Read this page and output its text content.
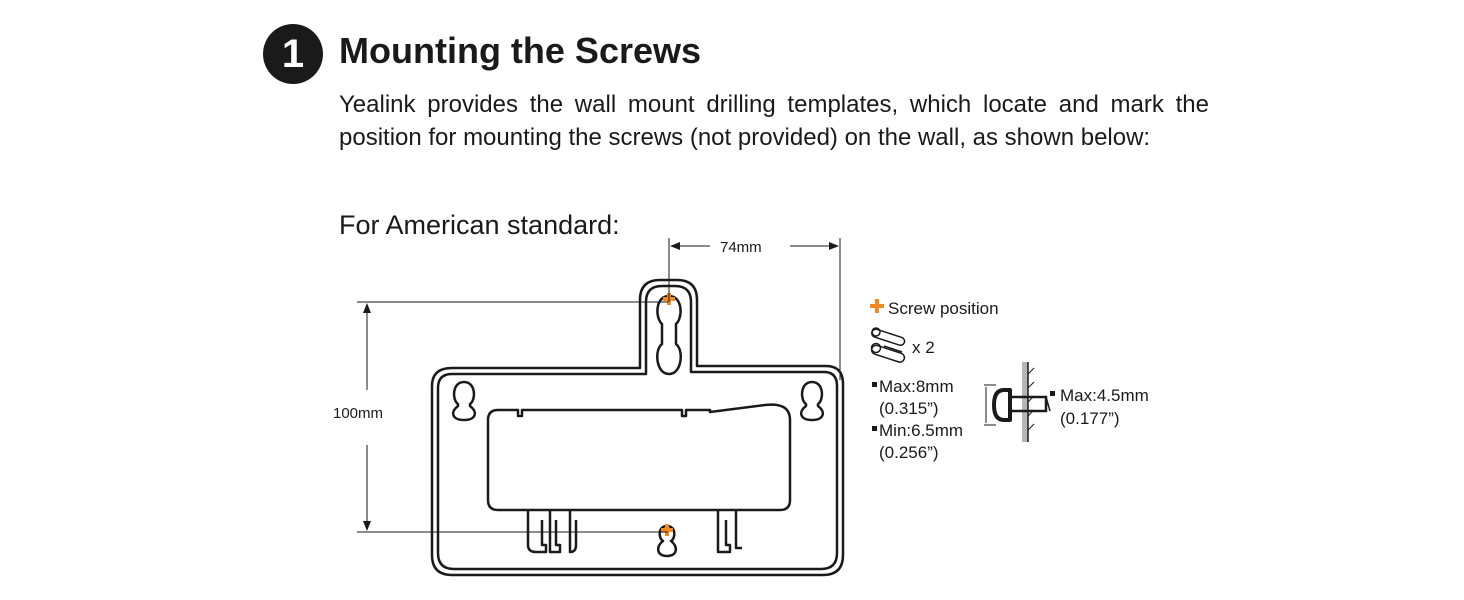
1 Mounting the Screws
Yealink provides the wall mount drilling templates, which locate and mark the position for mounting the screws (not provided) on the wall, as shown below:
For American standard:
74mm
100mm
Screw position
x 2
Max:8mm
(0.315”)
Min:6.5mm
(0.256”)
Max:4.5mm
(0.177”)
